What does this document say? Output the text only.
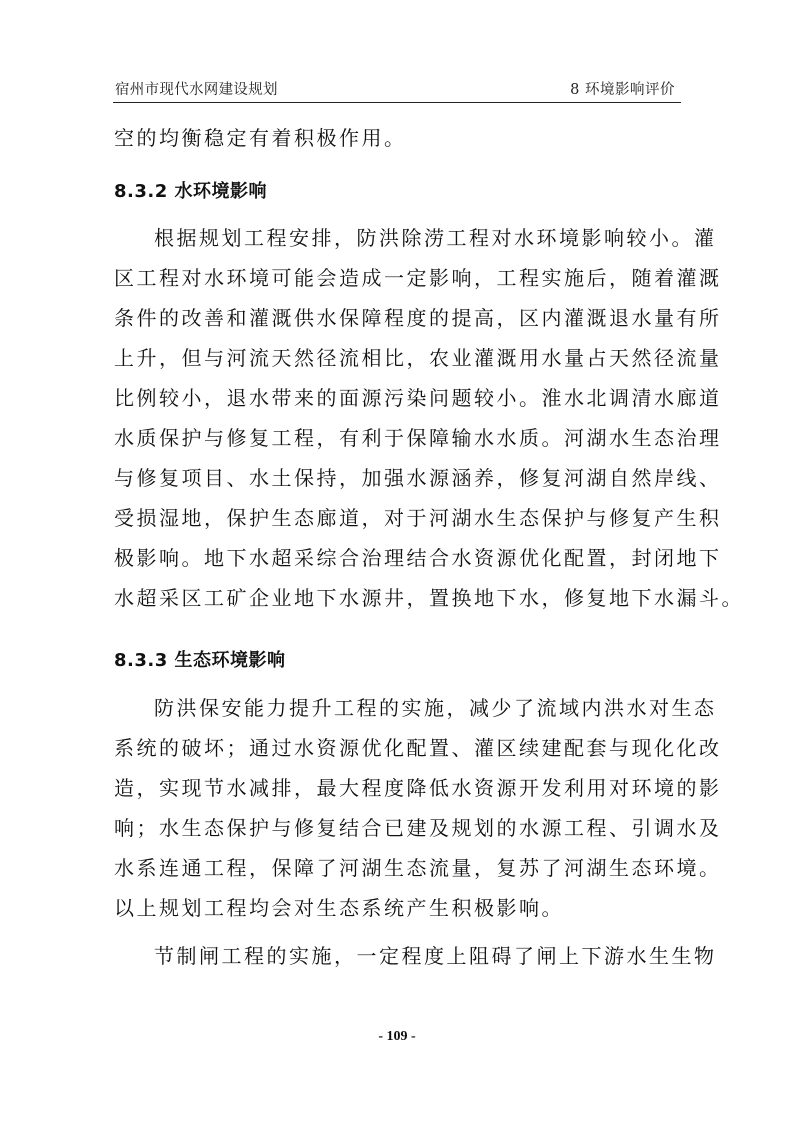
宿州市现代水网建设规划	8 环境影响评价
空的均衡稳定有着积极作用。
8.3.2 水环境影响
根据规划工程安排，防洪除涝工程对水环境影响较小。灌
区工程对水环境可能会造成一定影响，工程实施后，随着灌溉
条件的改善和灌溉供水保障程度的提高，区内灌溉退水量有所
上升，但与河流天然径流相比，农业灌溉用水量占天然径流量
比例较小，退水带来的面源污染问题较小。淮水北调清水廊道
水质保护与修复工程，有利于保障输水水质。河湖水生态治理
与修复项目、水土保持，加强水源涵养，修复河湖自然岸线、
受损湿地，保护生态廊道，对于河湖水生态保护与修复产生积
极影响。地下水超采综合治理结合水资源优化配置，封闭地下
水超采区工矿企业地下水源井，置换地下水，修复地下水漏斗。
8.3.3 生态环境影响
防洪保安能力提升工程的实施，减少了流域内洪水对生态
系统的破坏；通过水资源优化配置、灌区续建配套与现化化改
造，实现节水减排，最大程度降低水资源开发利用对环境的影
响；水生态保护与修复结合已建及规划的水源工程、引调水及
水系连通工程，保障了河湖生态流量，复苏了河湖生态环境。
以上规划工程均会对生态系统产生积极影响。
节制闸工程的实施，一定程度上阻碍了闸上下游水生生物
- 109 -
